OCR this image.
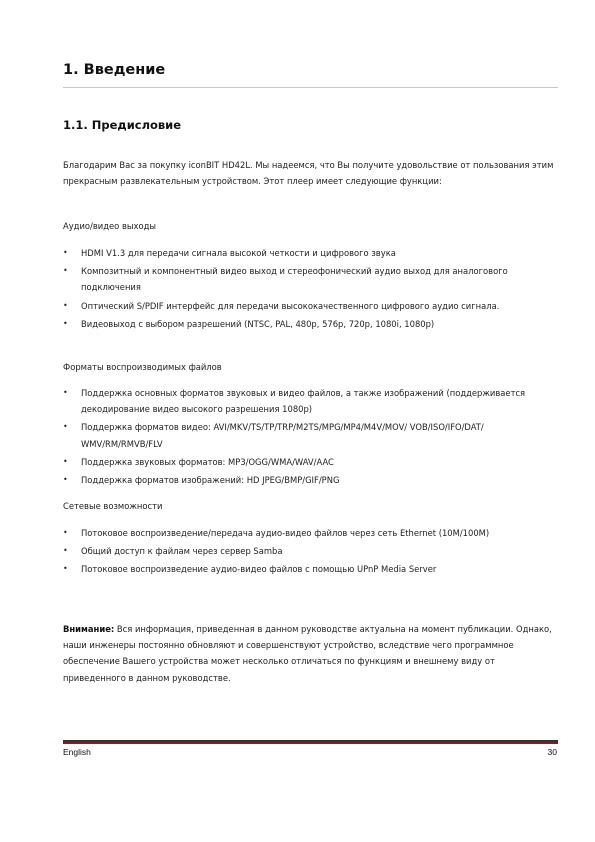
1. Введение
1.1. Предисловие

Благодарим Вас за покупку iconBIT HD42L. Мы надеемся, что Вы получите удовольствие от пользования этим прекрасным развлекательным устройством. Этот плеер имеет следующие функции:

Аудио/видео выходы

• HDMI V1.3 для передачи сигнала высокой четкости и цифрового звука
• Композитный и компонентный видео выход и стереофонический аудио выход для аналогового подключения
• Оптический S/PDIF интерфейс для передачи высококачественного цифрового аудио сигнала.
• Видеовыход с выбором разрешений (NTSC, PAL, 480p, 576p, 720p, 1080i, 1080p)

Форматы воспроизводимых файлов

• Поддержка основных форматов звуковых и видео файлов, а также изображений (поддерживается декодирование видео высокого разрешения 1080p)
• Поддержка форматов видео: AVI/MKV/TS/TP/TRP/M2TS/MPG/MP4/M4V/MOV/ VOB/ISO/IFO/DAT/ WMV/RM/RMVB/FLV
• Поддержка звуковых форматов: MP3/OGG/WMA/WAV/AAC
• Поддержка форматов изображений: HD JPEG/BMP/GIF/PNG

Сетевые возможности

• Потоковое воспроизведение/передача аудио-видео файлов через сеть Ethernet (10M/100M)
• Общий доступ к файлам через сервер Samba
• Потоковое воспроизведение аудио-видео файлов с помощью UPnP Media Server

Внимание: Вся информация, приведенная в данном руководстве актуальна на момент публикации. Однако, наши инженеры постоянно обновляют и совершенствуют устройство, вследствие чего программное обеспечение Вашего устройства может несколько отличаться по функциям и внешнему виду от приведенного в данном руководстве.

English	30
